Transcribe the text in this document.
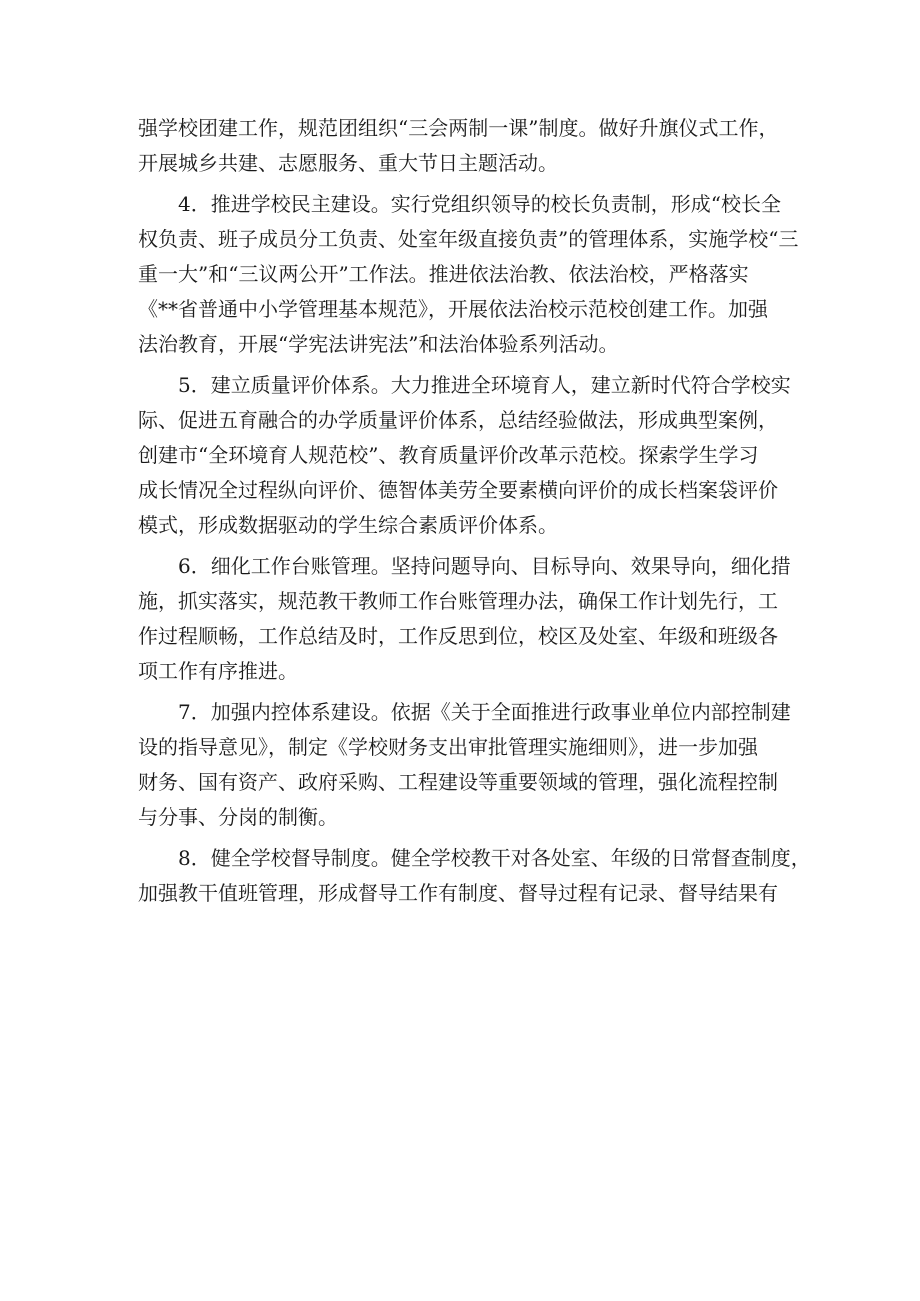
强学校团建工作，规范团组织“三会两制一课”制度。做好升旗仪式工作，
开展城乡共建、志愿服务、重大节日主题活动。
　　4．推进学校民主建设。实行党组织领导的校长负责制，形成“校长全
权负责、班子成员分工负责、处室年级直接负责”的管理体系，实施学校“三
重一大”和“三议两公开”工作法。推进依法治教、依法治校，严格落实
《**省普通中小学管理基本规范》，开展依法治校示范校创建工作。加强
法治教育，开展“学宪法讲宪法”和法治体验系列活动。
　　5．建立质量评价体系。大力推进全环境育人，建立新时代符合学校实
际、促进五育融合的办学质量评价体系，总结经验做法，形成典型案例，
创建市“全环境育人规范校”、教育质量评价改革示范校。探索学生学习
成长情况全过程纵向评价、德智体美劳全要素横向评价的成长档案袋评价
模式，形成数据驱动的学生综合素质评价体系。
　　6．细化工作台账管理。坚持问题导向、目标导向、效果导向，细化措
施，抓实落实，规范教干教师工作台账管理办法，确保工作计划先行，工
作过程顺畅，工作总结及时，工作反思到位，校区及处室、年级和班级各
项工作有序推进。
　　7．加强内控体系建设。依据《关于全面推进行政事业单位内部控制建
设的指导意见》，制定《学校财务支出审批管理实施细则》，进一步加强
财务、国有资产、政府采购、工程建设等重要领域的管理，强化流程控制
与分事、分岗的制衡。
　　8．健全学校督导制度。健全学校教干对各处室、年级的日常督查制度，
加强教干值班管理，形成督导工作有制度、督导过程有记录、督导结果有
